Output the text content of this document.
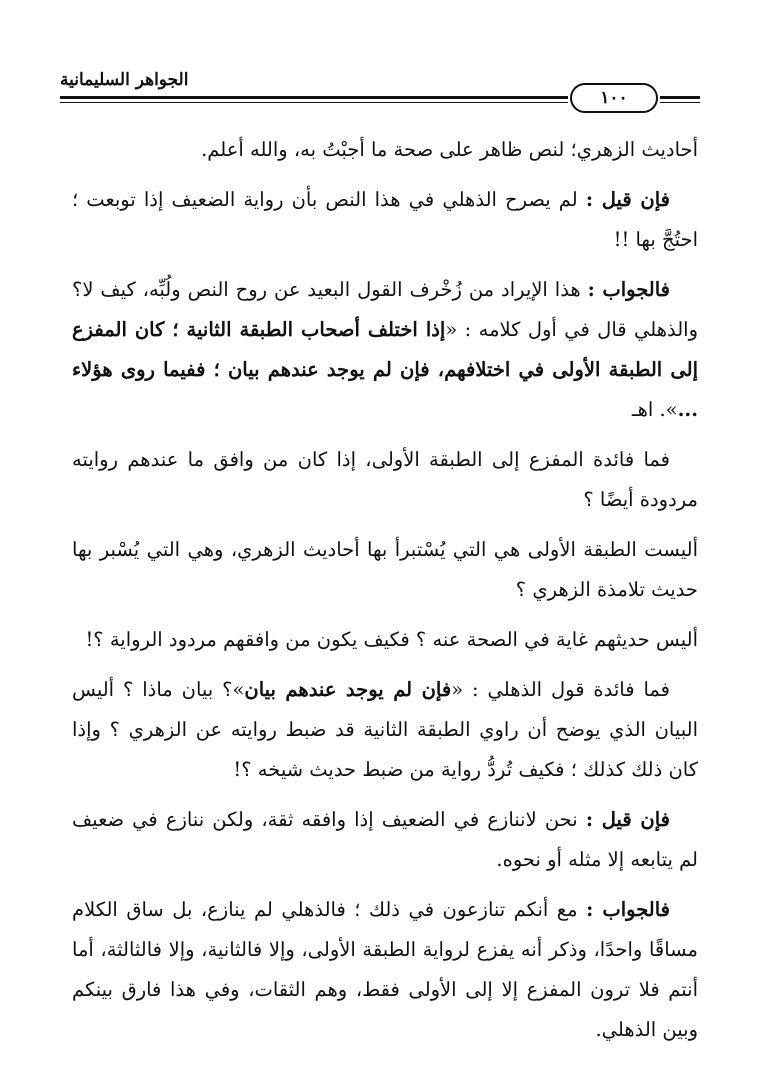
الجواهر السليمانية
١٠٠

أحاديث الزهري؛ لنص ظاهر على صحة ما أجبْتُ به، والله أعلم.

فإن قيل : لم يصرح الذهلي في هذا النص بأن رواية الضعيف إذا توبعت ؛ احتُجَّ بها !!

فالجواب : هذا الإيراد من زُخْرف القول البعيد عن روح النص ولُبِّه، كيف لا؟ والذهلي قال في أول كلامه : «إذا اختلف أصحاب الطبقة الثانية ؛ كان المفزع إلى الطبقة الأولى في اختلافهم، فإن لم يوجد عندهم بيان ؛ ففيما روى هؤلاء ...». اهـ

فما فائدة المفزع إلى الطبقة الأولى، إذا كان من وافق ما عندهم روايته مردودة أيضًا ؟

أليست الطبقة الأولى هي التي يُسْتبرأ بها أحاديث الزهري، وهي التي يُسْبر بها حديث تلامذة الزهري ؟

أليس حديثهم غاية في الصحة عنه ؟ فكيف يكون من وافقهم مردود الرواية ؟!

فما فائدة قول الذهلي : «فإن لم يوجد عندهم بيان»؟ بيان ماذا ؟ أليس البيان الذي يوضح أن راوي الطبقة الثانية قد ضبط روايته عن الزهري ؟ وإذا كان ذلك كذلك ؛ فكيف تُردُّ رواية من ضبط حديث شيخه ؟!

فإن قيل : نحن لاننازع في الضعيف إذا وافقه ثقة، ولكن ننازع في ضعيف لم يتابعه إلا مثله أو نحوه.

فالجواب : مع أنكم تنازعون في ذلك ؛ فالذهلي لم ينازع، بل ساق الكلام مساقًا واحدًا، وذكر أنه يفزع لرواية الطبقة الأولى، وإلا فالثانية، وإلا فالثالثة، أما أنتم فلا ترون المفزع إلا إلى الأولى فقط، وهم الثقات، وفي هذا فارق بينكم وبين الذهلي.
